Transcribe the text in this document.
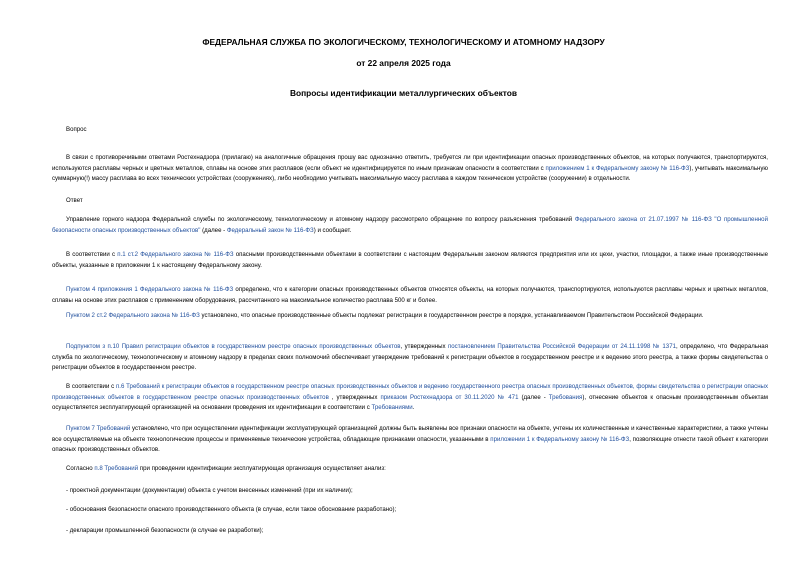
ФЕДЕРАЛЬНАЯ СЛУЖБА ПО ЭКОЛОГИЧЕСКОМУ, ТЕХНОЛОГИЧЕСКОМУ И АТОМНОМУ НАДЗОРУ
от 22 апреля 2025 года
Вопросы идентификации металлургических объектов
Вопрос
В связи с противоречивыми ответами Ростехнадзора (прилагаю) на аналогичные обращения прошу вас однозначно ответить, требуется ли при идентификации опасных производственных объектов, на которых получаются, транспортируются, используются расплавы черных и цветных металлов, сплавы на основе этих расплавов (если объект не идентифицируется по иным признакам опасности в соответствии с приложением 1 к Федеральному закону № 116-ФЗ), учитывать максимальную суммарную(!) массу расплава во всех технических устройствах (сооружениях), либо необходимо учитывать максимальную массу расплава в каждом техническом устройстве (сооружении) в отдельности.
Ответ
Управление горного надзора Федеральной службы по экологическому, технологическому и атомному надзору рассмотрело обращение по вопросу разъяснения требований Федерального закона от 21.07.1997 № 116-ФЗ "О промышленной безопасности опасных производственных объектов" (далее - Федеральный закон № 116-ФЗ) и сообщает.
В соответствии с п.1 ст.2 Федерального закона № 116-ФЗ опасными производственными объектами в соответствии с настоящим Федеральным законом являются предприятия или их цехи, участки, площадки, а также иные производственные объекты, указанные в приложении 1 к настоящему Федеральному закону.
Пунктом 4 приложения 1 Федерального закона № 116-ФЗ определено, что к категории опасных производственных объектов относятся объекты, на которых получаются, транспортируются, используются расплавы черных и цветных металлов, сплавы на основе этих расплавов с применением оборудования, рассчитанного на максимальное количество расплава 500 кг и более.
Пунктом 2 ст.2 Федерального закона № 116-ФЗ установлено, что опасные производственные объекты подлежат регистрации в государственном реестре в порядке, устанавливаемом Правительством Российской Федерации.
Подпунктом з п.10 Правил регистрации объектов в государственном реестре опасных производственных объектов, утвержденных постановлением Правительства Российской Федерации от 24.11.1998 № 1371, определено, что Федеральная служба по экологическому, технологическому и атомному надзору в пределах своих полномочий обеспечивает утверждение требований к регистрации объектов в государственном реестре и к ведению этого реестра, а также формы свидетельства о регистрации объектов в государственном реестре.
В соответствии с п.6 Требований к регистрации объектов в государственном реестре опасных производственных объектов и ведению государственного реестра опасных производственных объектов, формы свидетельства о регистрации опасных производственных объектов в государственном реестре опасных производственных объектов , утвержденных приказом Ростехнадзора от 30.11.2020 № 471 (далее - Требования), отнесение объектов к опасным производственным объектам осуществляется эксплуатирующей организацией на основании проведения их идентификации в соответствии с Требованиями.
Пунктом 7 Требований установлено, что при осуществлении идентификации эксплуатирующей организацией должны быть выявлены все признаки опасности на объекте, учтены их количественные и качественные характеристики, а также учтены все осуществляемые на объекте технологические процессы и применяемые технические устройства, обладающие признаками опасности, указанными в приложении 1 к Федеральному закону № 116-ФЗ, позволяющие отнести такой объект к категории опасных производственных объектов.
Согласно п.8 Требований при проведении идентификации эксплуатирующая организация осуществляет анализ:
- проектной документации (документации) объекта с учетом внесенных изменений (при их наличии);
- обоснования безопасности опасного производственного объекта (в случае, если такое обоснование разработано);
- декларации промышленной безопасности (в случае ее разработки);
